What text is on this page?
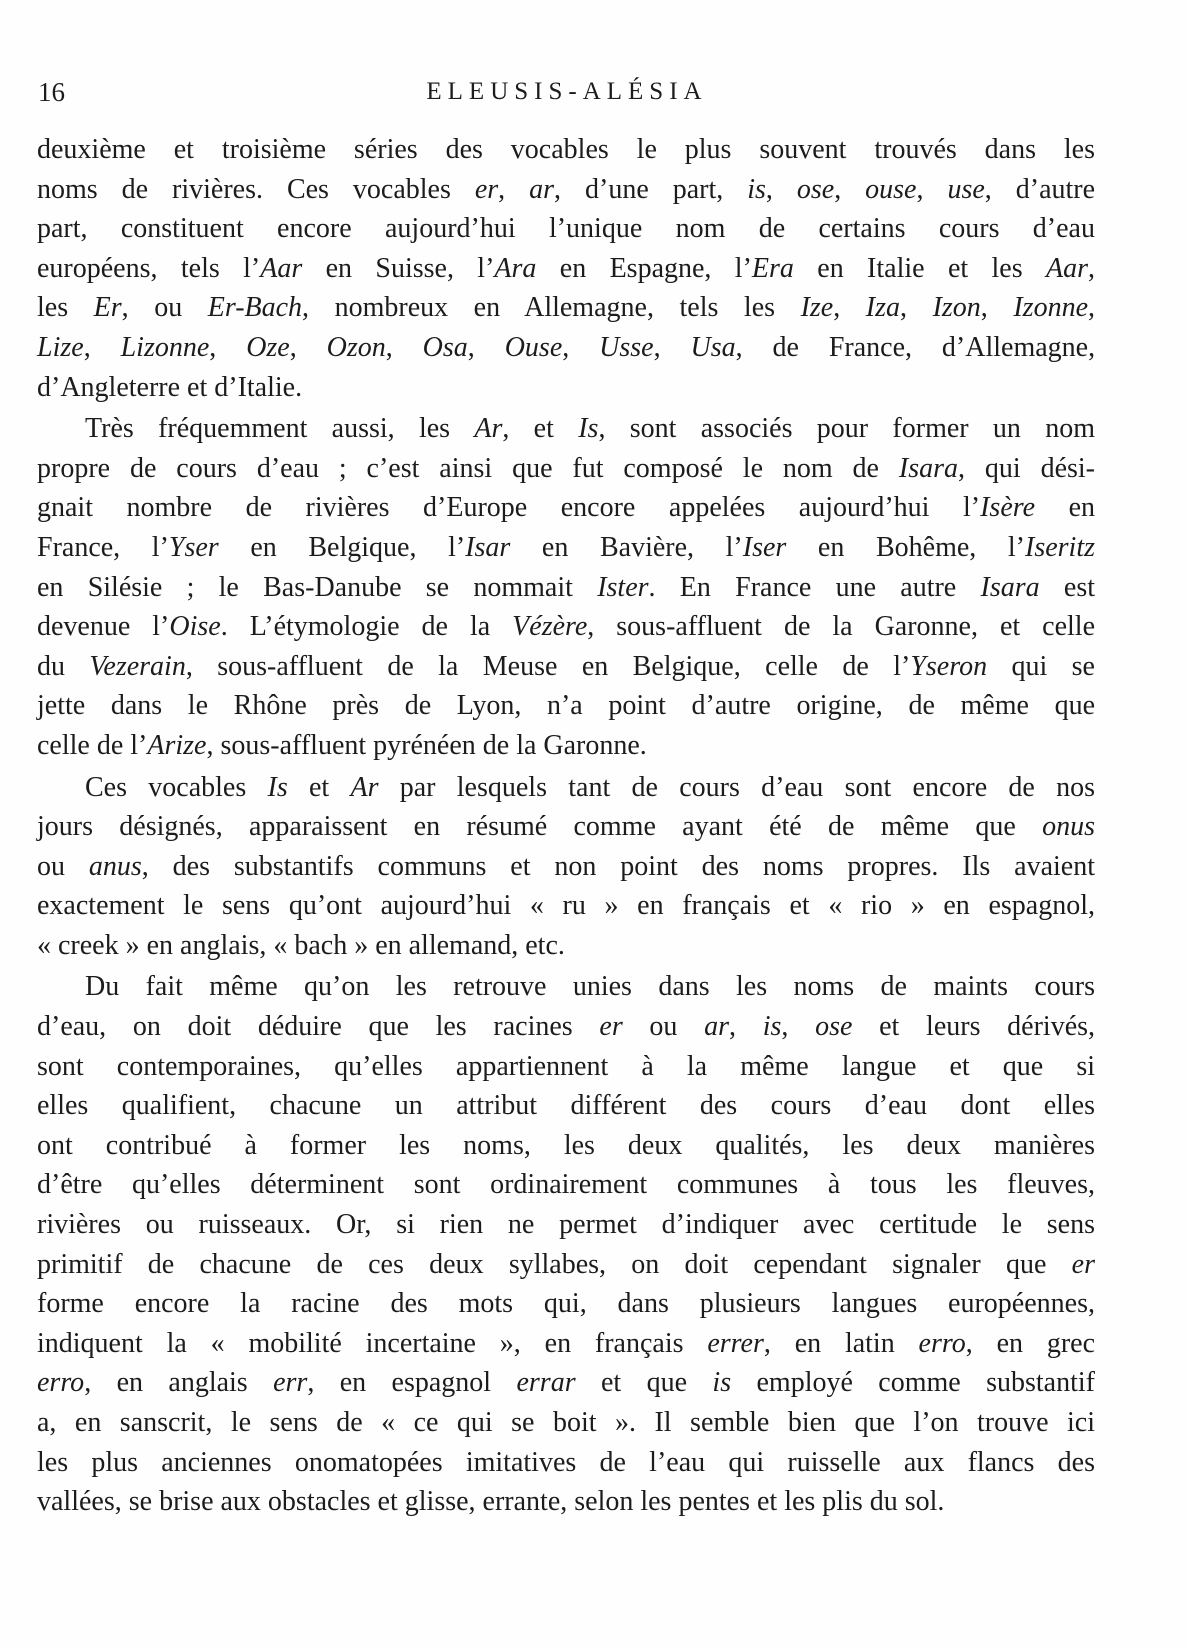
16	ELEUSIS-ALÉSIA

deuxième et troisième séries des vocables le plus souvent trouvés dans les

noms de rivières. Ces vocables er, ar, d’une part, is, ose, ouse, use, d’autre

part, constituent encore aujourd’hui l’unique nom de certains cours d’eau

européens, tels l’Aar en Suisse, l’Ara en Espagne, l’Era en Italie et les Aar,

les Er, ou Er-Bach, nombreux en Allemagne, tels les Ize, Iza, Izon, Izonne,

Lize, Lizonne, Oze, Ozon, Osa, Ouse, Usse, Usa, de France, d’Allemagne,

d’Angleterre et d’Italie.

Très fréquemment aussi, les Ar, et Is, sont associés pour former un nom

propre de cours d’eau ; c’est ainsi que fut composé le nom de Isara, qui dési-

gnait nombre de rivières d’Europe encore appelées aujourd’hui l’Isère en

France, l’Yser en Belgique, l’Isar en Bavière, l’Iser en Bohême, l’Iseritz

en Silésie ; le Bas-Danube se nommait Ister. En France une autre Isara est

devenue l’Oise. L’étymologie de la Vézère, sous-affluent de la Garonne, et celle

du Vezerain, sous-affluent de la Meuse en Belgique, celle de l’Yseron qui se

jette dans le Rhône près de Lyon, n’a point d’autre origine, de même que

celle de l’Arize, sous-affluent pyrénéen de la Garonne.

Ces vocables Is et Ar par lesquels tant de cours d’eau sont encore de nos

jours désignés, apparaissent en résumé comme ayant été de même que onus

ou anus, des substantifs communs et non point des noms propres. Ils avaient

exactement le sens qu’ont aujourd’hui « ru » en français et « rio » en espagnol,

« creek » en anglais, « bach » en allemand, etc.

Du fait même qu’on les retrouve unies dans les noms de maints cours

d’eau, on doit déduire que les racines er ou ar, is, ose et leurs dérivés,

sont contemporaines, qu’elles appartiennent à la même langue et que si

elles qualifient, chacune un attribut différent des cours d’eau dont elles

ont contribué à former les noms, les deux qualités, les deux manières

d’être qu’elles déterminent sont ordinairement communes à tous les fleuves,

rivières ou ruisseaux. Or, si rien ne permet d’indiquer avec certitude le sens

primitif de chacune de ces deux syllabes, on doit cependant signaler que er

forme encore la racine des mots qui, dans plusieurs langues européennes,

indiquent la « mobilité incertaine », en français errer, en latin erro, en grec

erro, en anglais err, en espagnol errar et que is employé comme substantif

a, en sanscrit, le sens de « ce qui se boit ». Il semble bien que l’on trouve ici

les plus anciennes onomatopées imitatives de l’eau qui ruisselle aux flancs des

vallées, se brise aux obstacles et glisse, errante, selon les pentes et les plis du sol.
